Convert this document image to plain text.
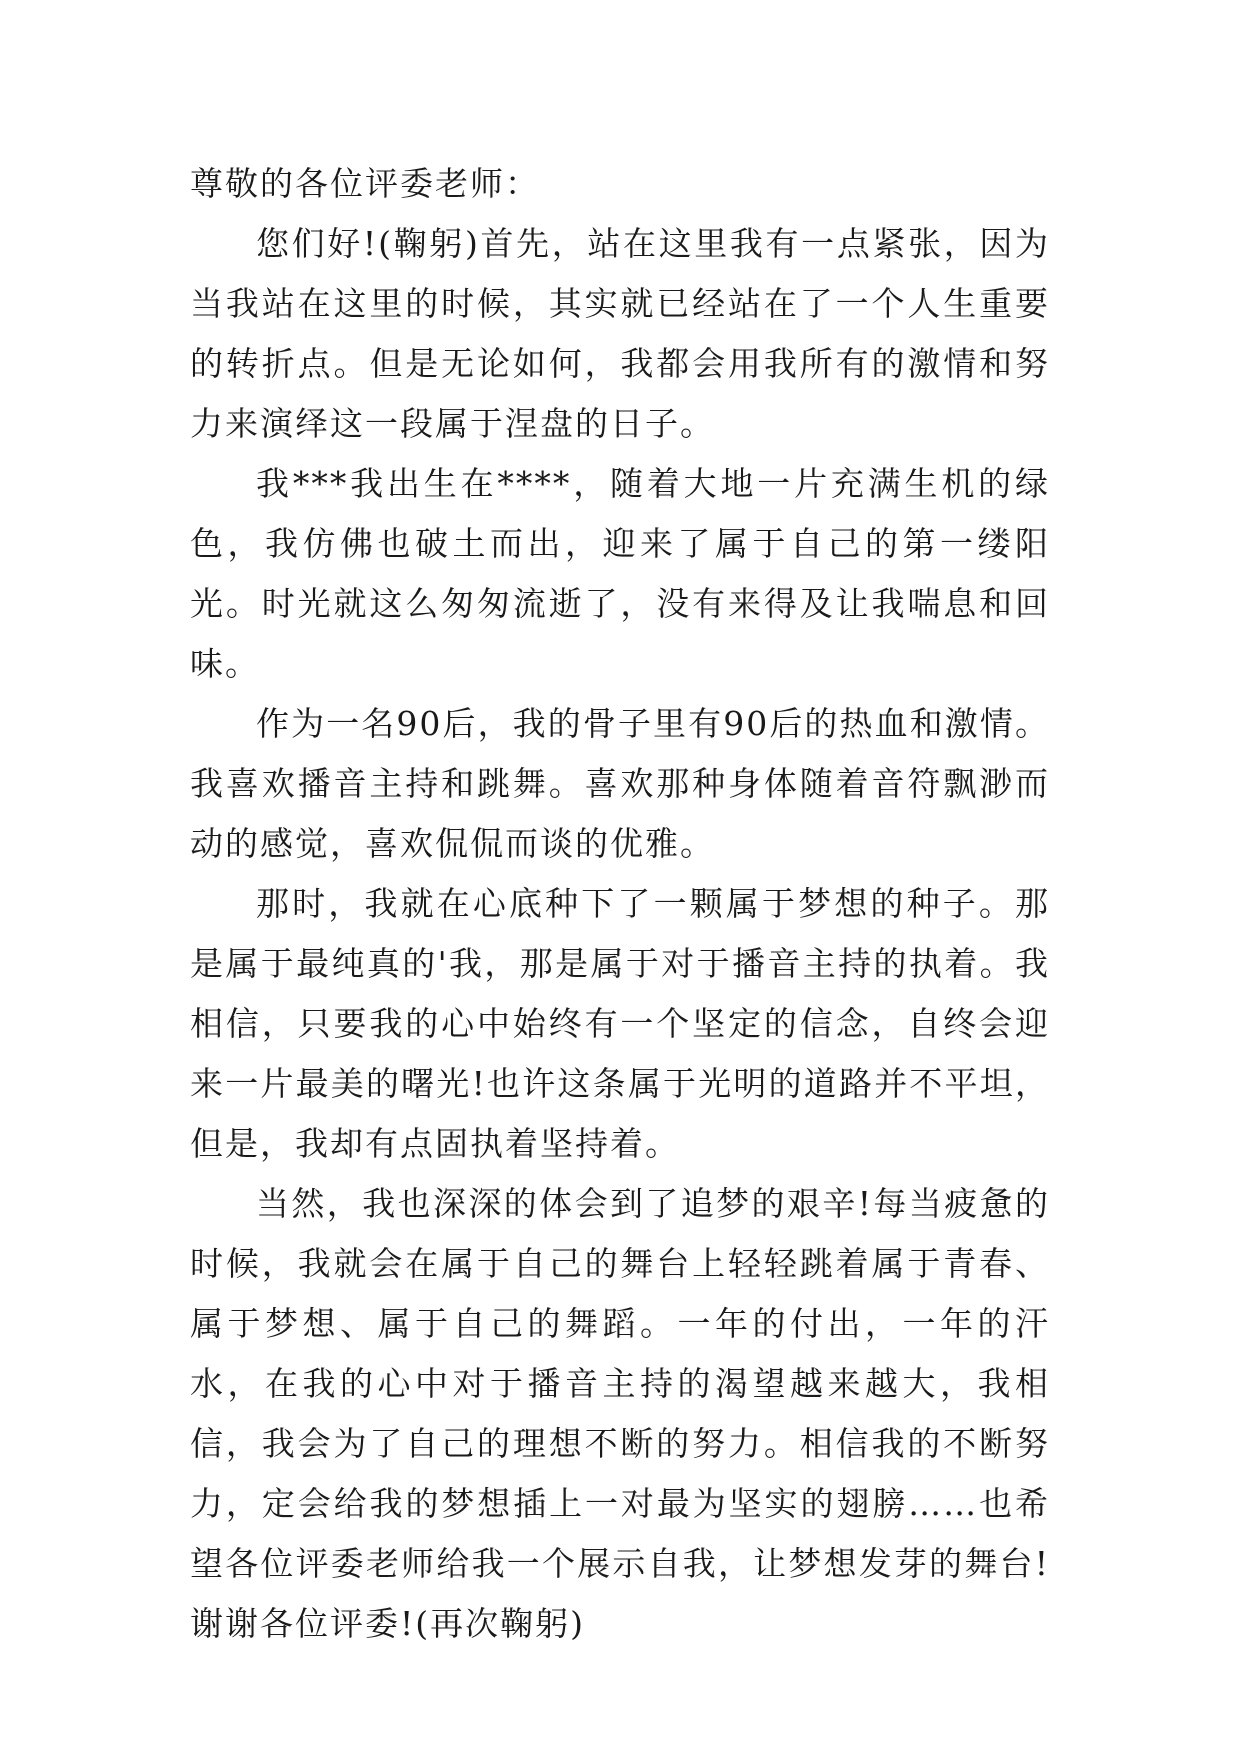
尊敬的各位评委老师：

您们好!(鞠躬)首先，站在这里我有一点紧张，因为当我站在这里的时候，其实就已经站在了一个人生重要的转折点。但是无论如何，我都会用我所有的激情和努力来演绎这一段属于涅盘的日子。

我***我出生在****，随着大地一片充满生机的绿色，我仿佛也破土而出，迎来了属于自己的第一缕阳光。时光就这么匆匆流逝了，没有来得及让我喘息和回味。

作为一名90后，我的骨子里有90后的热血和激情。我喜欢播音主持和跳舞。喜欢那种身体随着音符飘渺而动的感觉，喜欢侃侃而谈的优雅。

那时，我就在心底种下了一颗属于梦想的种子。那是属于最纯真的'我，那是属于对于播音主持的执着。我相信，只要我的心中始终有一个坚定的信念，自终会迎来一片最美的曙光!也许这条属于光明的道路并不平坦，但是，我却有点固执着坚持着。

当然，我也深深的体会到了追梦的艰辛!每当疲惫的时候，我就会在属于自己的舞台上轻轻跳着属于青春、属于梦想、属于自己的舞蹈。一年的付出，一年的汗水，在我的心中对于播音主持的渴望越来越大，我相信，我会为了自己的理想不断的努力。相信我的不断努力，定会给我的梦想插上一对最为坚实的翅膀……也希望各位评委老师给我一个展示自我，让梦想发芽的舞台!谢谢各位评委!(再次鞠躬)
